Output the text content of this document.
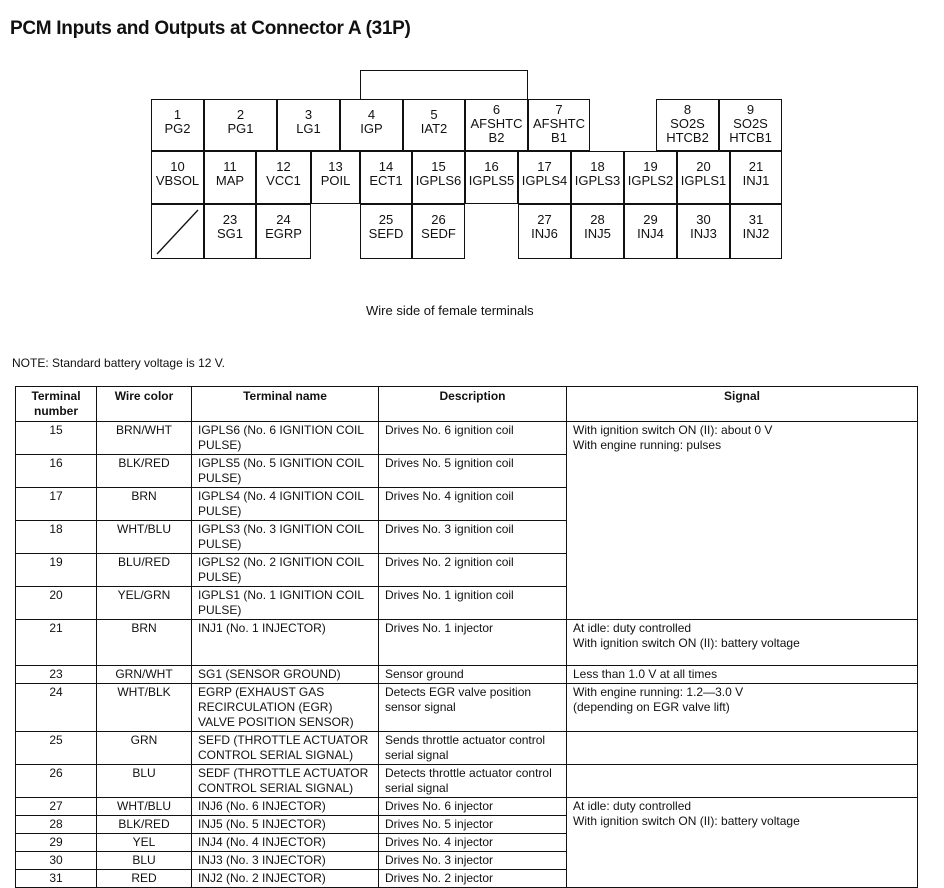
PCM Inputs and Outputs at Connector A (31P)
1
PG2
2
PG1
3
LG1
4
IGP
5
IAT2
6
AFSHTC
B2
7
AFSHTC
B1
8
SO2S
HTCB2
9
SO2S
HTCB1
10
VBSOL
11
MAP
12
VCC1
13
POIL
14
ECT1
15
IGPLS6
16
IGPLS5
17
IGPLS4
18
IGPLS3
19
IGPLS2
20
IGPLS1
21
INJ1
23
SG1
24
EGRP
25
SEFD
26
SEDF
27
INJ6
28
INJ5
29
INJ4
30
INJ3
31
INJ2
Wire side of female terminals
NOTE: Standard battery voltage is 12 V.
Terminal number	Wire color	Terminal name	Description	Signal
15	BRN/WHT	IGPLS6 (No. 6 IGNITION COIL PULSE)	Drives No. 6 ignition coil	With ignition switch ON (II): about 0 V
With engine running: pulses
16	BLK/RED	IGPLS5 (No. 5 IGNITION COIL PULSE)	Drives No. 5 ignition coil	
17	BRN	IGPLS4 (No. 4 IGNITION COIL PULSE)	Drives No. 4 ignition coil	
18	WHT/BLU	IGPLS3 (No. 3 IGNITION COIL PULSE)	Drives No. 3 ignition coil	
19	BLU/RED	IGPLS2 (No. 2 IGNITION COIL PULSE)	Drives No. 2 ignition coil	
20	YEL/GRN	IGPLS1 (No. 1 IGNITION COIL PULSE)	Drives No. 1 ignition coil	
21	BRN	INJ1 (No. 1 INJECTOR)	Drives No. 1 injector	At idle: duty controlled
With ignition switch ON (II): battery voltage
23	GRN/WHT	SG1 (SENSOR GROUND)	Sensor ground	Less than 1.0 V at all times
24	WHT/BLK	EGRP (EXHAUST GAS RECIRCULATION (EGR) VALVE POSITION SENSOR)	Detects EGR valve position sensor signal	With engine running: 1.2—3.0 V
(depending on EGR valve lift)
25	GRN	SEFD (THROTTLE ACTUATOR CONTROL SERIAL SIGNAL)	Sends throttle actuator control serial signal	
26	BLU	SEDF (THROTTLE ACTUATOR CONTROL SERIAL SIGNAL)	Detects throttle actuator control serial signal	
27	WHT/BLU	INJ6 (No. 6 INJECTOR)	Drives No. 6 injector	At idle: duty controlled
With ignition switch ON (II): battery voltage
28	BLK/RED	INJ5 (No. 5 INJECTOR)	Drives No. 5 injector	
29	YEL	INJ4 (No. 4 INJECTOR)	Drives No. 4 injector	
30	BLU	INJ3 (No. 3 INJECTOR)	Drives No. 3 injector	
31	RED	INJ2 (No. 2 INJECTOR)	Drives No. 2 injector	
